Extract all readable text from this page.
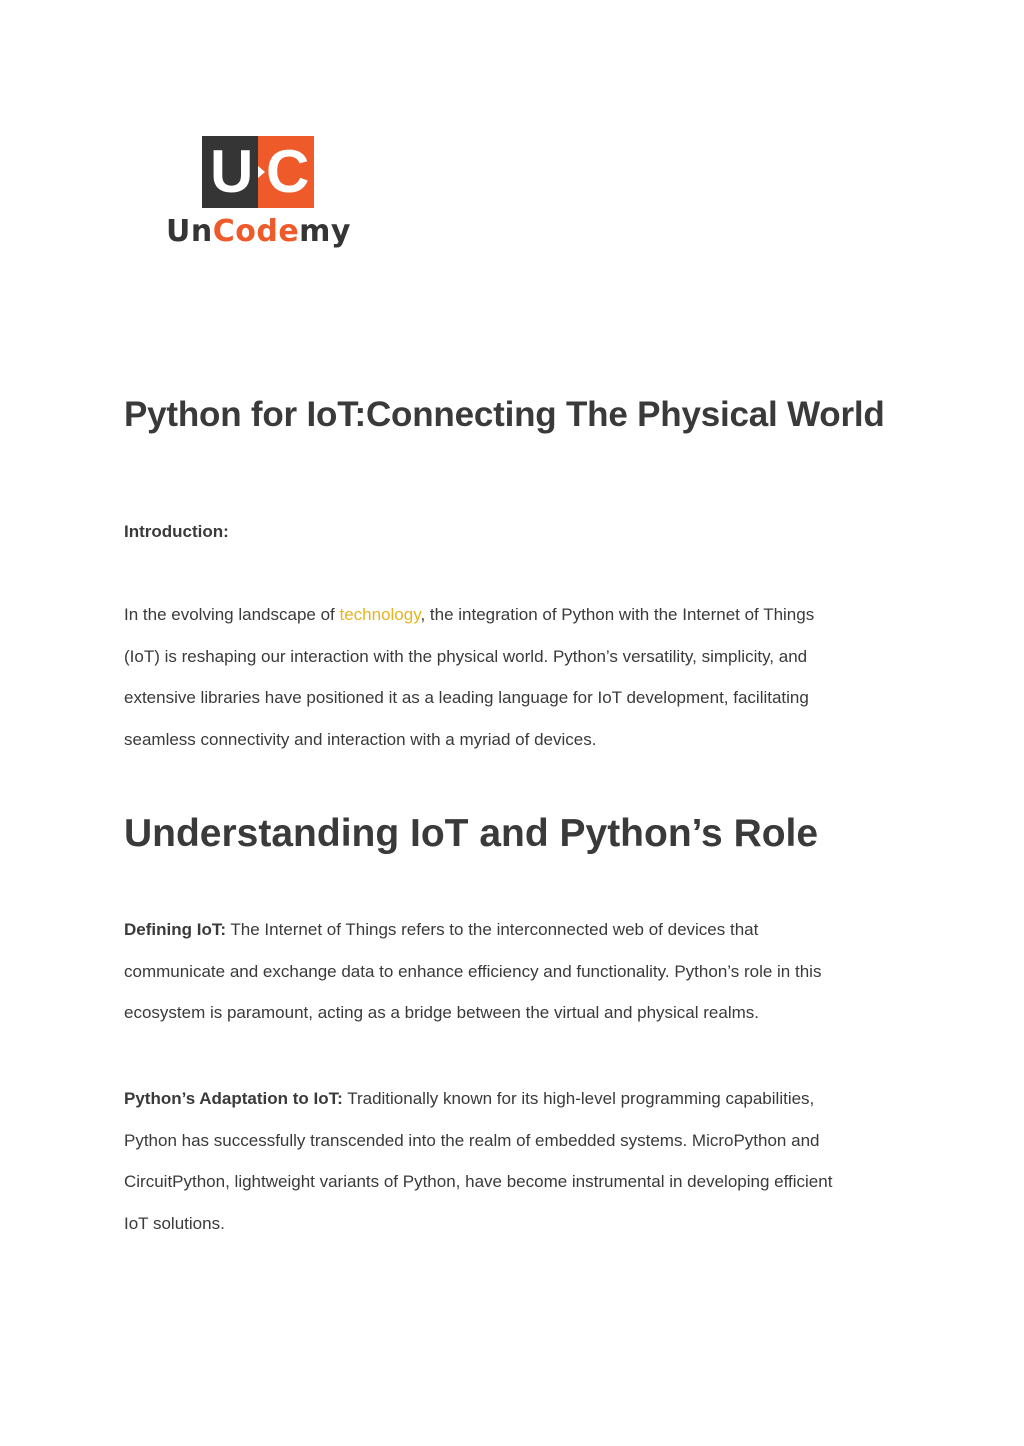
U C
UnCodemy
Python for IoT:Connecting The Physical World

Introduction:

In the evolving landscape of technology, the integration of Python with the Internet of Things
(IoT) is reshaping our interaction with the physical world. Python’s versatility, simplicity, and
extensive libraries have positioned it as a leading language for IoT development, facilitating
seamless connectivity and interaction with a myriad of devices.

Understanding IoT and Python’s Role

Defining IoT: The Internet of Things refers to the interconnected web of devices that
communicate and exchange data to enhance efficiency and functionality. Python’s role in this
ecosystem is paramount, acting as a bridge between the virtual and physical realms.

Python’s Adaptation to IoT: Traditionally known for its high-level programming capabilities,
Python has successfully transcended into the realm of embedded systems. MicroPython and
CircuitPython, lightweight variants of Python, have become instrumental in developing efficient
IoT solutions.
